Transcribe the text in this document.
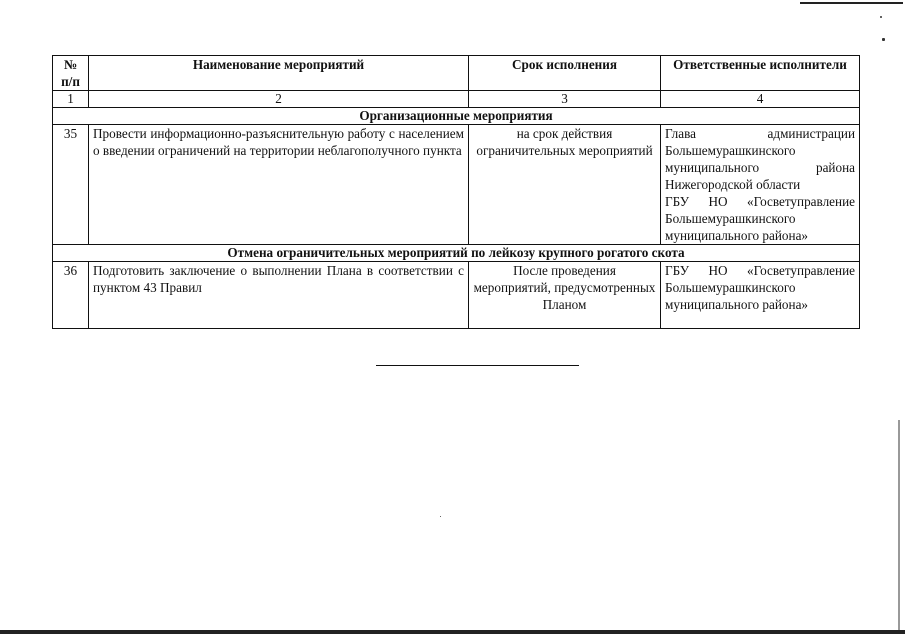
№ п/п	Наименование мероприятий	Срок исполнения	Ответственные исполнители
1	2	3	4
Организационные мероприятия			
35	Провести информационно-разъяснительную работу с населением о введении ограничений на территории неблагополучного пункта	на срок действия ограничительных мероприятий	Глава администрации Большемурашкинского муниципального района Нижегородской области
ГБУ НО «Госветуправление Большемурашкинского муниципального района»
Отмена ограничительных мероприятий по лейкозу крупного рогатого скота			
36	Подготовить заключение о выполнении Плана в соответствии с пунктом 43 Правил	После проведения мероприятий, предусмотренных Планом	ГБУ НО «Госветуправление Большемурашкинского муниципального района»
